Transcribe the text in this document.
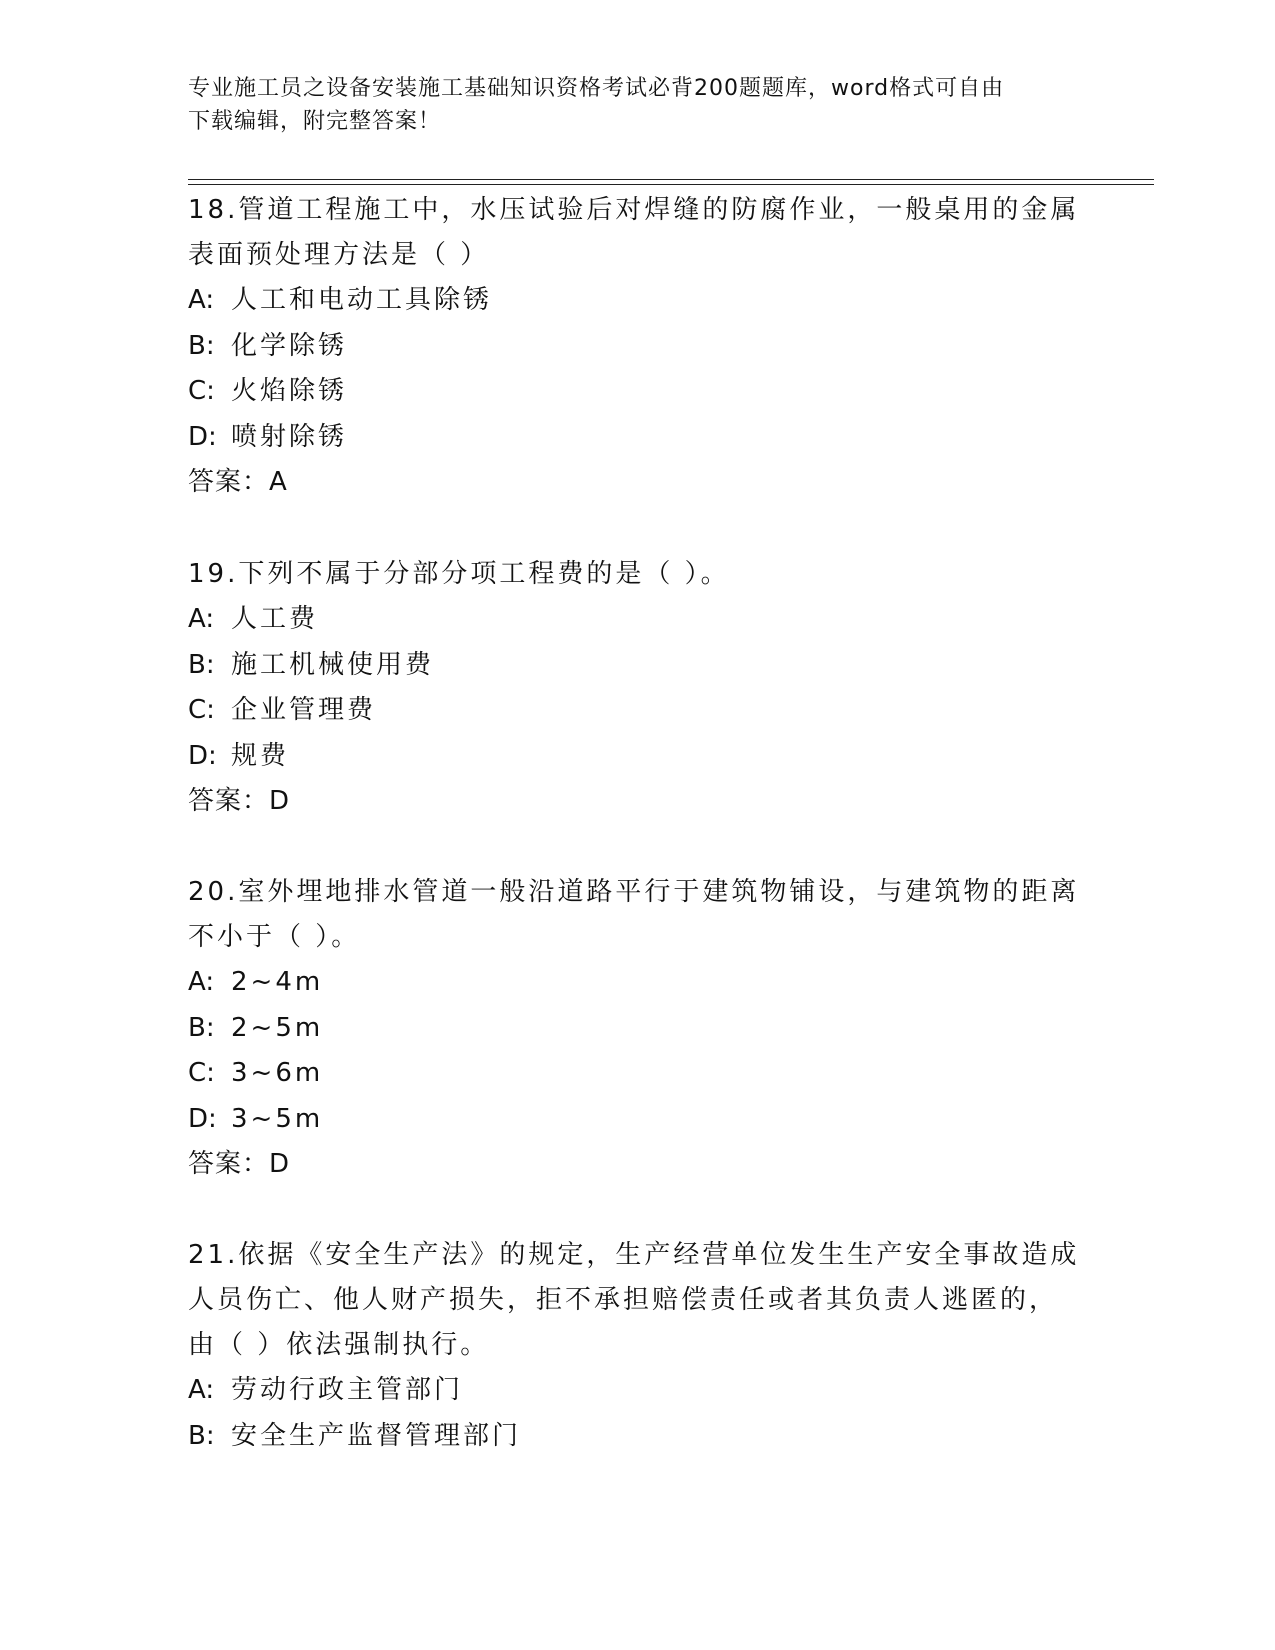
专业施工员之设备安装施工基础知识资格考试必背200题题库，word格式可自由
下载编辑，附完整答案！
18.管道工程施工中，水压试验后对焊缝的防腐作业，一般桌用的金属
表面预处理方法是（ ）
A: 人工和电动工具除锈
B: 化学除锈
C: 火焰除锈
D: 喷射除锈
答案：A
19.下列不属于分部分项工程费的是（ ）。
A: 人工费
B: 施工机械使用费
C: 企业管理费
D: 规费
答案：D
20.室外埋地排水管道一般沿道路平行于建筑物铺设，与建筑物的距离
不小于（ ）。
A: 2~4m
B: 2~5m
C: 3~6m
D: 3~5m
答案：D
21.依据《安全生产法》的规定，生产经营单位发生生产安全事故造成
人员伤亡、他人财产损失，拒不承担赔偿责任或者其负责人逃匿的，
由（ ）依法强制执行。
A: 劳动行政主管部门
B: 安全生产监督管理部门
